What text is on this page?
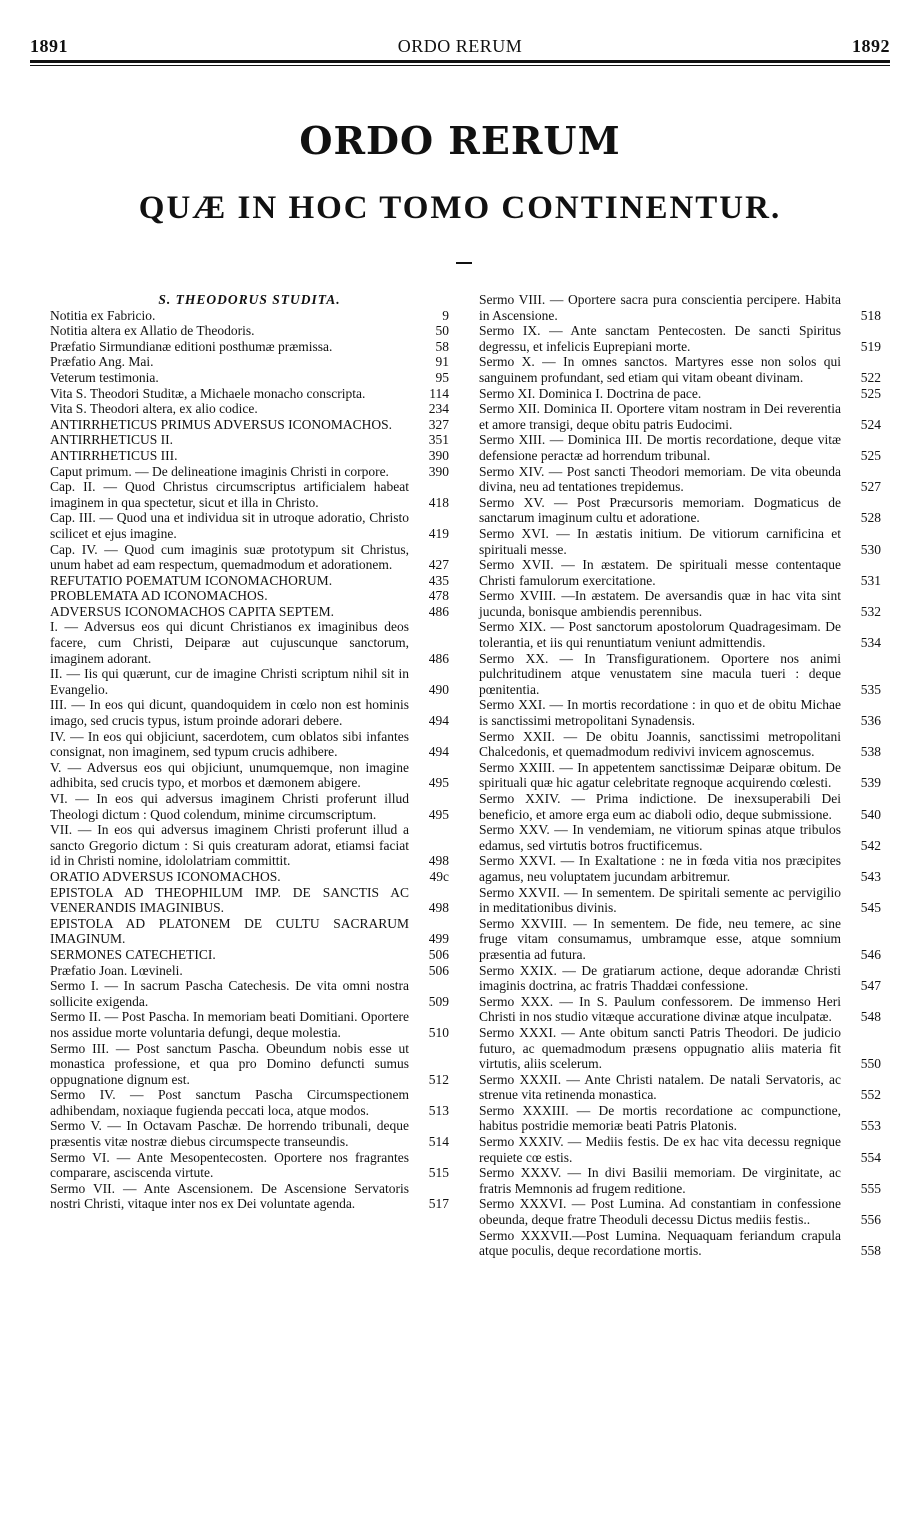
1891	ORDO RERUM	1892
ORDO RERUM
QUÆ IN HOC TOMO CONTINENTUR.

S. THEODORUS STUDITA.

Notitia ex Fabricio.	9
Notitia altera ex Allatio de Theodoris.	50
Præfatio Sirmundianæ editioni posthumæ præmissa.	58
Præfatio Ang. Mai.	91
Veterum testimonia.	95
Vita S. Theodori Studitæ, a Michaele monacho conscripta.	114
Vita S. Theodori altera, ex alio codice.	234
ANTIRRHETICUS PRIMUS ADVERSUS ICONOMACHOS.	327
ANTIRRHETICUS II.	351
ANTIRRHETICUS III.	390
Caput primum. — De delineatione imaginis Christi in corpore.	390
Cap. II. — Quod Christus circumscriptus artificialem habeat imaginem in qua spectetur, sicut et illa in Christo.	418
Cap. III. — Quod una et individua sit in utroque adoratio, Christo scilicet et ejus imagine.	419
Cap. IV. — Quod cum imaginis suæ prototypum sit Christus, unum habet ad eam respectum, quemadmodum et adorationem.	427
REFUTATIO POEMATUM ICONOMACHORUM.	435
PROBLEMATA AD ICONOMACHOS.	478
ADVERSUS ICONOMACHOS CAPITA SEPTEM.	486
I. — Adversus eos qui dicunt Christianos ex imaginibus deos facere, cum Christi, Deiparæ aut cujuscunque sanctorum, imaginem adorant.	486
II. — Iis qui quærunt, cur de imagine Christi scriptum nihil sit in Evangelio.	490
III. — In eos qui dicunt, quandoquidem in cœlo non est hominis imago, sed crucis typus, istum proinde adorari debere.	494
IV. — In eos qui objiciunt, sacerdotem, cum oblatos sibi infantes consignat, non imaginem, sed typum crucis adhibere.	494
V. — Adversus eos qui objiciunt, unumquemque, non imagine adhibita, sed crucis typo, et morbos et dæmonem abigere.	495
VI. — In eos qui adversus imaginem Christi proferunt illud Theologi dictum : Quod colendum, minime circumscriptum.	495
VII. — In eos qui adversus imaginem Christi proferunt illud a sancto Gregorio dictum : Si quis creaturam adorat, etiamsi faciat id in Christi nomine, idololatriam committit.	498
ORATIO ADVERSUS ICONOMACHOS.	49c
EPISTOLA AD THEOPHILUM IMP. DE SANCTIS AC VENERANDIS IMAGINIBUS.	498
EPISTOLA AD PLATONEM DE CULTU SACRARUM IMAGINUM.	499
SERMONES CATECHETICI.	506
Præfatio Joan. Lœvineli.	506
Sermo I. — In sacrum Pascha Catechesis. De vita omni nostra sollicite exigenda.	509
Sermo II. — Post Pascha. In memoriam beati Domitiani. Oportere nos assidue morte voluntaria defungi, deque molestia.	510
Sermo III. — Post sanctum Pascha. Obeundum nobis esse ut monastica professione, et qua pro Domino defuncti sumus oppugnatione dignum est.	512
Sermo IV. — Post sanctum Pascha Circumspectionem adhibendam, noxiaque fugienda peccati loca, atque modos.	513
Sermo V. — In Octavam Paschæ. De horrendo tribunali, deque præsentis vitæ nostræ diebus circumspecte transeundis.	514
Sermo VI. — Ante Mesopentecosten. Oportere nos fragrantes comparare, asciscenda virtute.	515
Sermo VII. — Ante Ascensionem. De Ascensione Servatoris nostri Christi, vitaque inter nos ex Dei voluntate agenda.	517
Sermo VIII. — Oportere sacra pura conscientia percipere. Habita in Ascensione.	518
Sermo IX. — Ante sanctam Pentecosten. De sancti Spiritus degressu, et infelicis Euprepiani morte.	519
Sermo X. — In omnes sanctos. Martyres esse non solos qui sanguinem profundant, sed etiam qui vitam obeant divinam.	522
Sermo XI. Dominica I. Doctrina de pace.	525
Sermo XII. Dominica II. Oportere vitam nostram in Dei reverentia et amore transigi, deque obitu patris Eudocimi.	524
Sermo XIII. — Dominica III. De mortis recordatione, deque vitæ defensione peractæ ad horrendum tribunal.	525
Sermo XIV. — Post sancti Theodori memoriam. De vita obeunda divina, neu ad tentationes trepidemus.	527
Sermo XV. — Post Præcursoris memoriam. Dogmaticus de sanctarum imaginum cultu et adoratione.	528
Sermo XVI. — In æstatis initium. De vitiorum carnificina et spirituali messe.	530
Sermo XVII. — In æstatem. De spirituali messe contentaque Christi famulorum exercitatione.	531
Sermo XVIII. —In æstatem. De aversandis quæ in hac vita sint jucunda, bonisque ambiendis perennibus.	532
Sermo XIX. — Post sanctorum apostolorum Quadragesimam. De tolerantia, et iis qui renuntiatum veniunt admittendis.	534
Sermo XX. — In Transfigurationem. Oportere nos animi pulchritudinem atque venustatem sine macula tueri : deque pœnitentia.	535
Sermo XXI. — In mortis recordatione : in quo et de obitu Michae is sanctissimi metropolitani Synadensis.	536
Sermo XXII. — De obitu Joannis, sanctissimi metropolitani Chalcedonis, et quemadmodum redivivi invicem agnoscemus.	538
Sermo XXIII. — In appetentem sanctissimæ Deiparæ obitum. De spirituali quæ hic agatur celebritate regnoque acquirendo cœlesti.	539
Sermo XXIV. — Prima indictione. De inexsuperabili Dei beneficio, et amore erga eum ac diaboli odio, deque submissione.	540
Sermo XXV. — In vendemiam, ne vitiorum spinas atque tribulos edamus, sed virtutis botros fructificemus.	542
Sermo XXVI. — In Exaltatione : ne in fœda vitia nos præcipites agamus, neu voluptatem jucundam arbitremur.	543
Sermo XXVII. — In sementem. De spiritali semente ac pervigilio in meditationibus divinis.	545
Sermo XXVIII. — In sementem. De fide, neu temere, ac sine fruge vitam consumamus, umbramque esse, atque somnium præsentia ad futura.	546
Sermo XXIX. — De gratiarum actione, deque adorandæ Christi imaginis doctrina, ac fratris Thaddæi confessione.	547
Sermo XXX. — In S. Paulum confessorem. De immenso Heri Christi in nos studio vitæque accuratione divinæ atque inculpatæ.	548
Sermo XXXI. — Ante obitum sancti Patris Theodori. De judicio futuro, ac quemadmodum præsens oppugnatio aliis materia fit virtutis, aliis scelerum.	550
Sermo XXXII. — Ante Christi natalem. De natali Servatoris, ac strenue vita retinenda monastica.	552
Sermo XXXIII. — De mortis recordatione ac compunctione, habitus postridie memoriæ beati Patris Platonis.	553
Sermo XXXIV. — Mediis festis. De ex hac vita decessu regnique requiete cœ estis.	554
Sermo XXXV. — In divi Basilii memoriam. De virginitate, ac fratris Memnonis ad frugem reditione.	555
Sermo XXXVI. — Post Lumina. Ad constantiam in confessione obeunda, deque fratre Theoduli decessu Dictus mediis festis..	556
Sermo XXXVII.—Post Lumina. Nequaquam feriandum crapula atque poculis, deque recordatione mortis.	558
